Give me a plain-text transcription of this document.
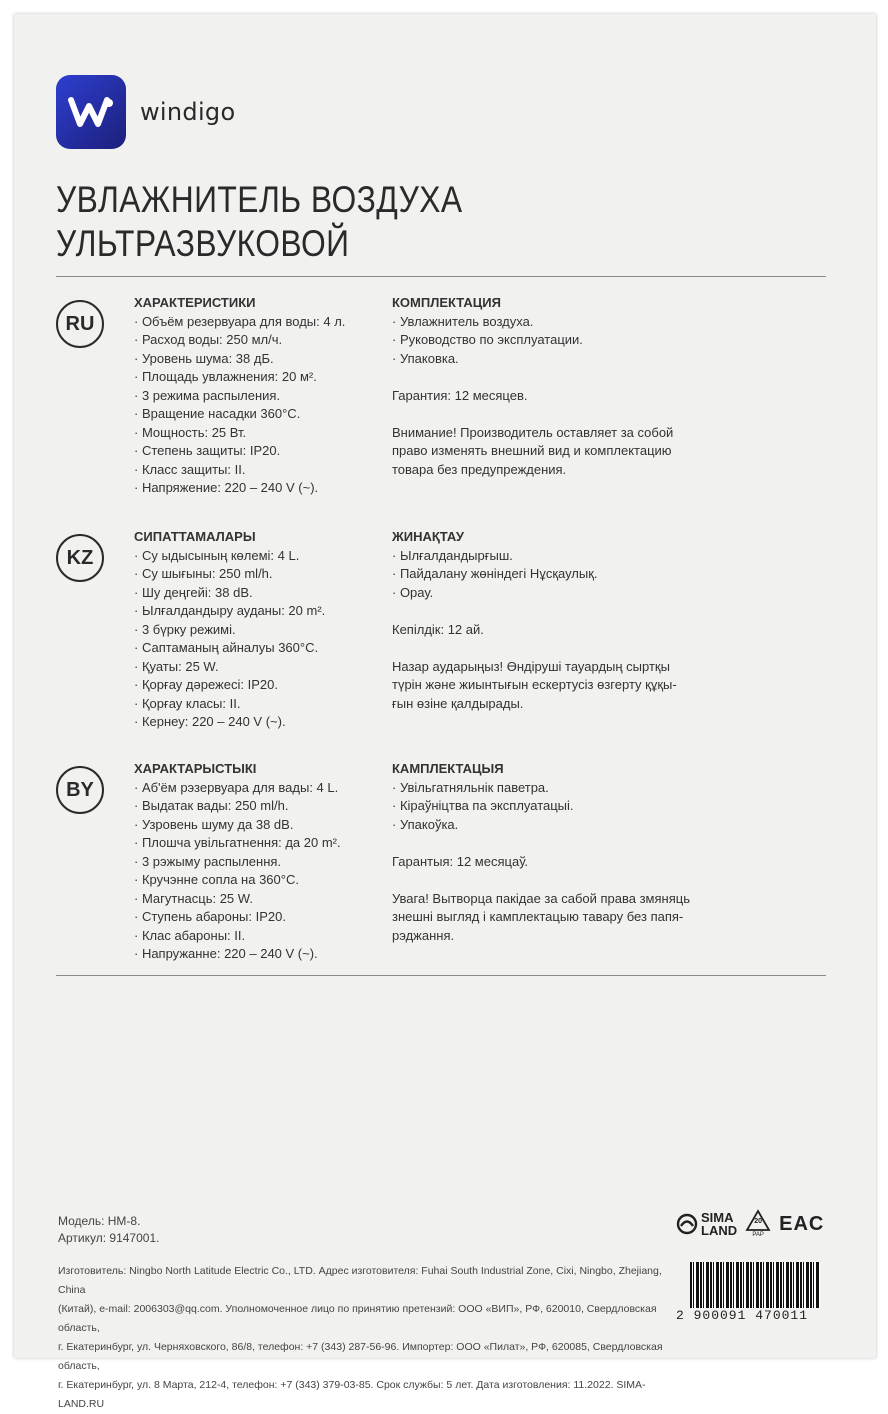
windigo
УВЛАЖНИТЕЛЬ ВОЗДУХА
УЛЬТРАЗВУКОВОЙ
RU
ХАРАКТЕРИСТИКИ

· Объём резервуара для воды: 4 л.

· Расход воды: 250 мл/ч.

· Уровень шума: 38 дБ.

· Площадь увлажнения: 20 м².

· 3 режима распыления.

· Вращение насадки 360°С.

· Мощность: 25 Вт.

· Степень защиты: IP20.

· Класс защиты: II.

· Напряжение: 220 – 240 V (~).

КОМПЛЕКТАЦИЯ

· Увлажнитель воздуха.

· Руководство по эксплуатации.

· Упаковка.

Гарантия: 12 месяцев.

Внимание! Производитель оставляет за собой

право изменять внешний вид и комплектацию

товара без предупреждения.

KZ
СИПАТТАМАЛАРЫ

· Су ыдысының көлемі: 4 L.

· Су шығыны: 250 ml/h.

· Шу деңгейі: 38 dB.

· Ылғалдандыру ауданы: 20 m².

· 3 бүрку режимі.

· Саптаманың айналуы 360°С.

· Қуаты: 25 W.

· Қорғау дәрежесі: IP20.

· Қорғау класы: II.

· Кернеу: 220 – 240 V (~).

ЖИНАҚТАУ

· Ылғалдандырғыш.

· Пайдалану жөніндегі Нұсқаулық.

· Орау.

Кепілдік: 12 ай.

Назар аударыңыз! Өндіруші тауардың сыртқы

түрін және жиынтығын ескертусіз өзгерту құқы-

ғын өзіне қалдырады.

BY
ХАРАКТАРЫСТЫКІ

· Аб'ём рэзервуара для вады: 4 L.

· Выдатак вады: 250 ml/h.

· Узровень шуму да 38 dB.

· Плошча увільгатнення: да 20 m².

· 3 рэжыму распылення.

· Кручэнне сопла на 360°С.

· Магутнасць: 25 W.

· Ступень абароны: IP20.

· Клас абароны: II.

· Напружанне: 220 – 240 V (~).

КАМПЛЕКТАЦЫЯ

· Увільгатняльнік паветра.

· Кіраўніцтва па эксплуатацыі.

· Упакоўка.

Гарантыя: 12 месяцаў.

Увага! Вытворца пакідае за сабой права змяняць

знешні выгляд і камплектацыю тавару без папя-

рэджання.

Модель: HM-8.
Артикул: 9147001.
SIMA
LAND
20
PAP
EAC
Изготовитель: Ningbo North Latitude Electric Co., LTD. Адрес изготовителя: Fuhai South Industrial Zone, Cixi, Ningbo, Zhejiang, China
(Китай), e-mail: 2006303@qq.com. Уполномоченное лицо по принятию претензий: ООО «ВИП», РФ, 620010, Свердловская область,
г. Екатеринбург, ул. Черняховского, 86/8, телефон: +7 (343) 287-56-96. Импортер: ООО «Пилат», РФ, 620085, Свердловская область,
г. Екатеринбург, ул. 8 Марта, 212-4, телефон: +7 (343) 379-03-85. Срок службы: 5 лет. Дата изготовления: 11.2022. SIMA-LAND.RU
2 900091 470011
